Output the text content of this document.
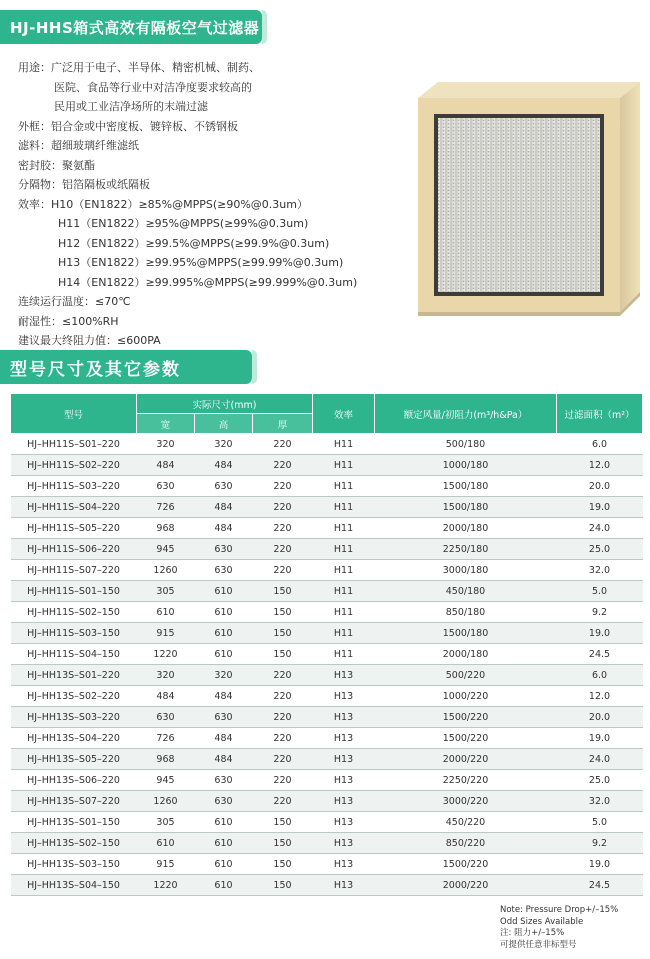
HJ-HHS箱式高效有隔板空气过滤器
用途：广泛用于电子、半导体、精密机械、制药、
医院、食品等行业中对洁净度要求较高的
民用或工业洁净场所的末端过滤
外框：铝合金或中密度板、镀锌板、不锈钢板
滤料：超细玻璃纤维滤纸
密封胶：聚氨酯
分隔物：铝箔隔板或纸隔板
效率：H10（EN1822）≥85%@MPPS(≥90%@0.3um）
H11（EN1822）≥95%@MPPS(≥99%@0.3um)
H12（EN1822）≥99.5%@MPPS(≥99.9%@0.3um)
H13（EN1822）≥99.95%@MPPS(≥99.99%@0.3um)
H14（EN1822）≥99.995%@MPPS(≥99.999%@0.3um)
连续运行温度：≤70℃
耐湿性：≤100%RH
建议最大终阻力值：≤600PA
型号尺寸及其它参数
型号	实际尺寸(mm)			效率	额定风量/初阻力(m³/h&Pa）	过滤面积（m²）
	宽	高	厚			
HJ–HH11S–S01–220	320	320	220	H11	500/180	6.0
HJ–HH11S–S02–220	484	484	220	H11	1000/180	12.0
HJ–HH11S–S03–220	630	630	220	H11	1500/180	20.0
HJ–HH11S–S04–220	726	484	220	H11	1500/180	19.0
HJ–HH11S–S05–220	968	484	220	H11	2000/180	24.0
HJ–HH11S–S06–220	945	630	220	H11	2250/180	25.0
HJ–HH11S–S07–220	1260	630	220	H11	3000/180	32.0
HJ–HH11S–S01–150	305	610	150	H11	450/180	5.0
HJ–HH11S–S02–150	610	610	150	H11	850/180	9.2
HJ–HH11S–S03–150	915	610	150	H11	1500/180	19.0
HJ–HH11S–S04–150	1220	610	150	H11	2000/180	24.5
HJ–HH13S–S01–220	320	320	220	H13	500/220	6.0
HJ–HH13S–S02–220	484	484	220	H13	1000/220	12.0
HJ–HH13S–S03–220	630	630	220	H13	1500/220	20.0
HJ–HH13S–S04–220	726	484	220	H13	1500/220	19.0
HJ–HH13S–S05–220	968	484	220	H13	2000/220	24.0
HJ–HH13S–S06–220	945	630	220	H13	2250/220	25.0
HJ–HH13S–S07–220	1260	630	220	H13	3000/220	32.0
HJ–HH13S–S01–150	305	610	150	H13	450/220	5.0
HJ–HH13S–S02–150	610	610	150	H13	850/220	9.2
HJ–HH13S–S03–150	915	610	150	H13	1500/220	19.0
HJ–HH13S–S04–150	1220	610	150	H13	2000/220	24.5
Note: Pressure Drop+/–15%
Odd Sizes Available
注: 阻力+/–15%
可提供任意非标型号
